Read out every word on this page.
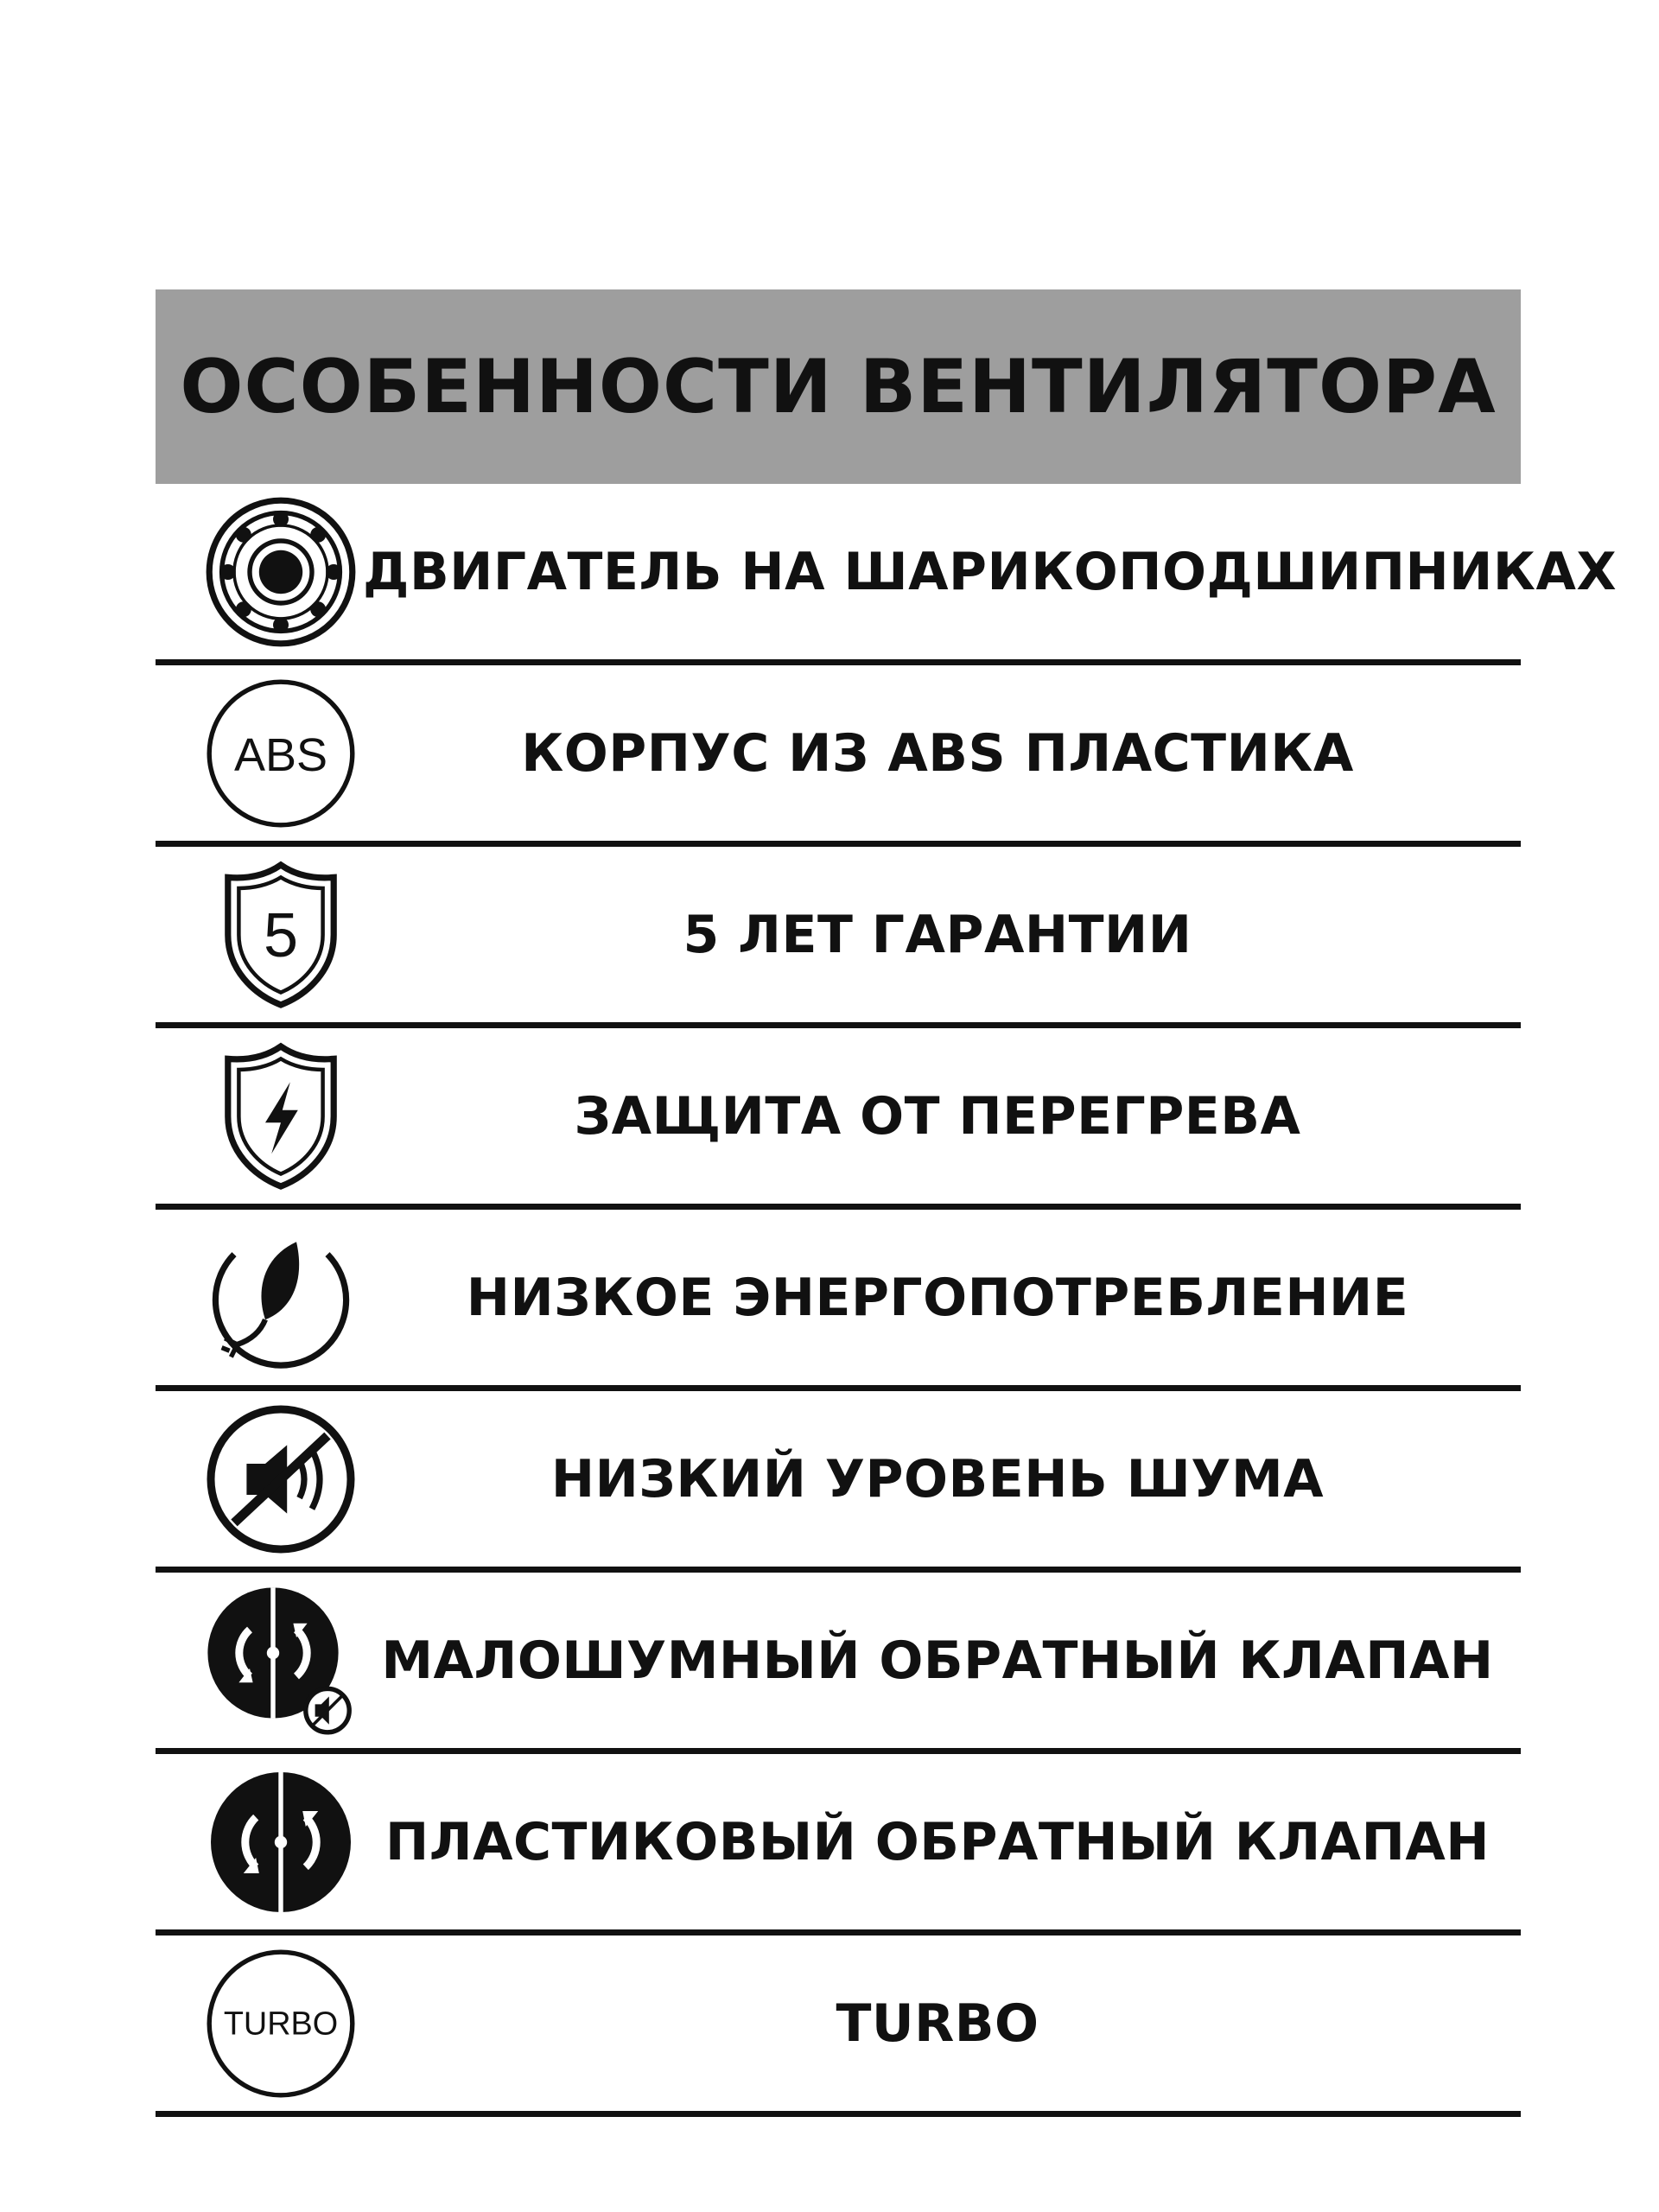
ОСОБЕННОСТИ ВЕНТИЛЯТОРА
ДВИГАТЕЛЬ НА ШАРИКОПОДШИПНИКАХ
ABS	КОРПУС ИЗ ABS ПЛАСТИКА
5	5 ЛЕТ ГАРАНТИИ
ЗАЩИТА ОТ ПЕРЕГРЕВА
НИЗКОЕ ЭНЕРГОПОТРЕБЛЕНИЕ
НИЗКИЙ УРОВЕНЬ ШУМА
МАЛОШУМНЫЙ ОБРАТНЫЙ КЛАПАН
ПЛАСТИКОВЫЙ ОБРАТНЫЙ КЛАПАН
TURBO	TURBO
